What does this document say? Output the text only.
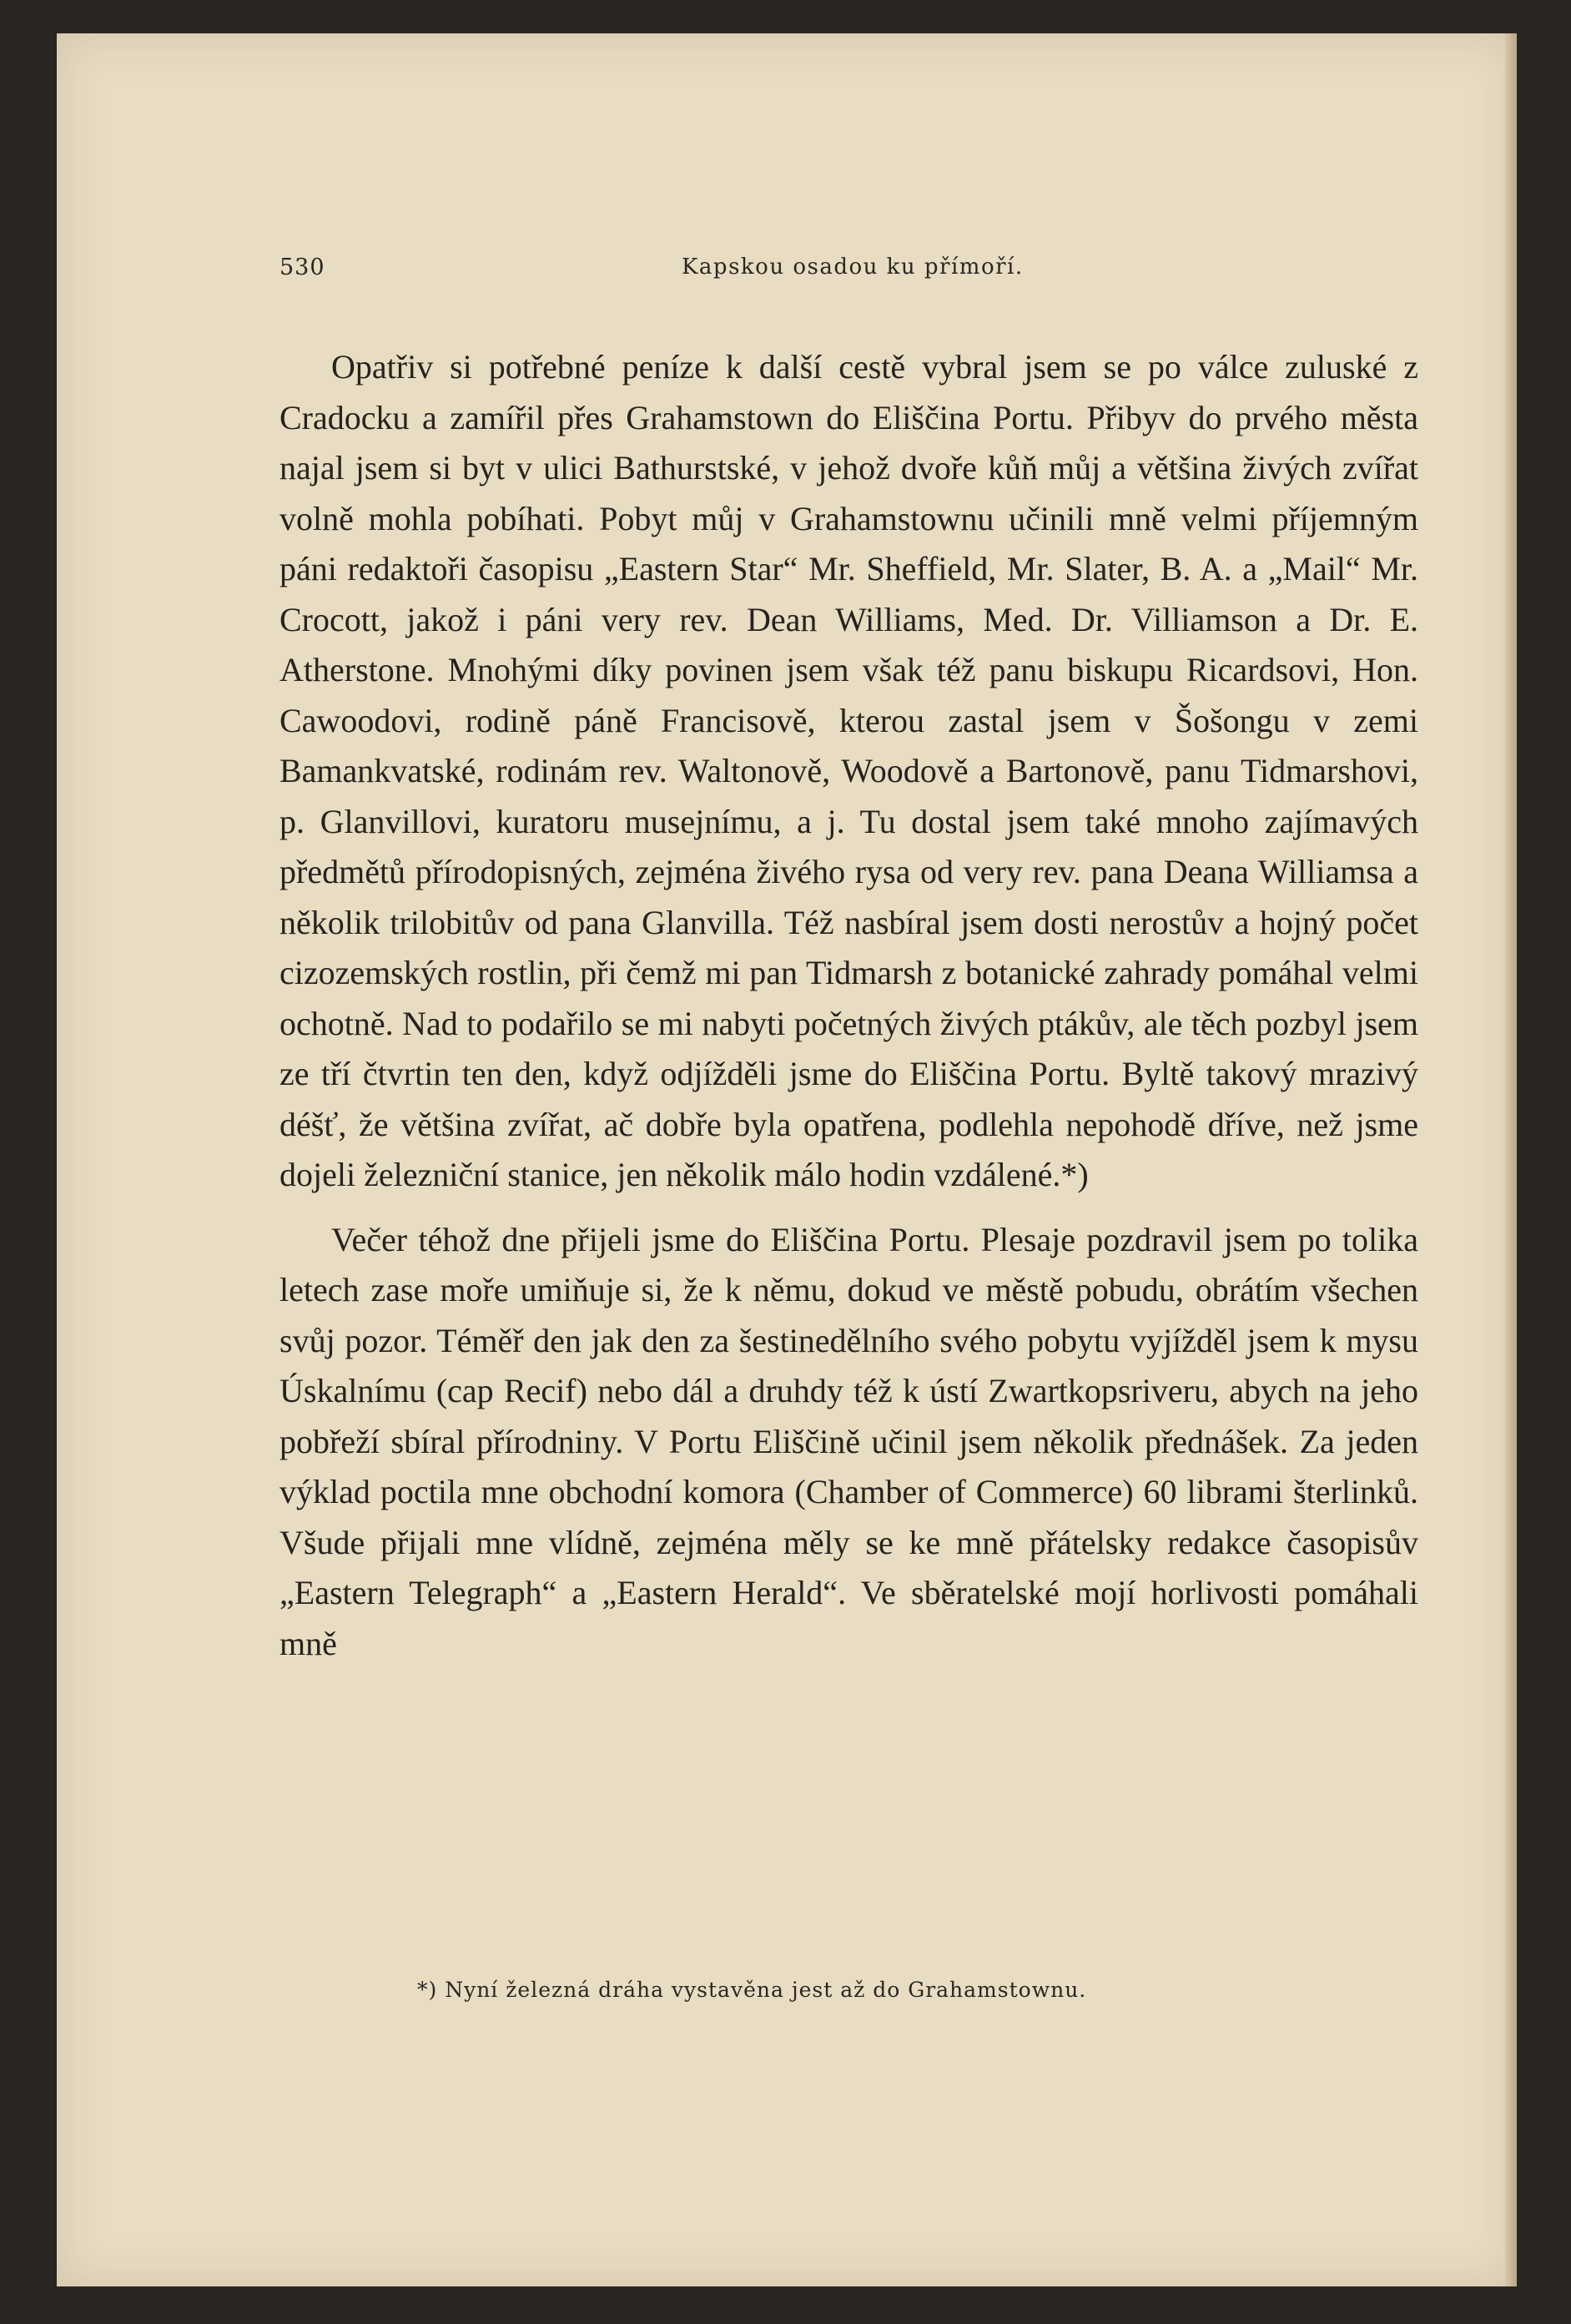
530	Kapskou osadou ku přímoří.

Opatřiv si potřebné peníze k další cestě vybral jsem se po válce zuluské z Cradocku a zamířil přes Grahamstown do Eliščina Portu. Přibyv do prvého města najal jsem si byt v ulici Bathurstské, v jehož dvoře kůň můj a většina živých zvířat volně mohla pobíhati. Pobyt můj v Grahamstownu učinili mně velmi příjemným páni redaktoři časopisu „Eastern Star“ Mr. Sheffield, Mr. Slater, B. A. a „Mail“ Mr. Crocott, jakož i páni very rev. Dean Williams, Med. Dr. Villiamson a Dr. E. Atherstone. Mnohými díky povinen jsem však též panu biskupu Ricardsovi, Hon. Cawoodovi, rodině páně Francisově, kterou zastal jsem v Šošongu v zemi Bamankvatské, rodinám rev. Waltonově, Woodově a Bartonově, panu Tidmarshovi, p. Glanvillovi, kuratoru musejnímu, a j. Tu dostal jsem také mnoho zajímavých předmětů přírodopisných, zejména živého rysa od very rev. pana Deana Williamsa a několik trilobitův od pana Glanvilla. Též nasbíral jsem dosti nerostův a hojný počet cizozemských rostlin, při čemž mi pan Tidmarsh z botanické zahrady pomáhal velmi ochotně. Nad to podařilo se mi nabyti početných živých ptákův, ale těch pozbyl jsem ze tří čtvrtin ten den, když odjížděli jsme do Eliščina Portu. Byltě takový mrazivý déšť, že většina zvířat, ač dobře byla opatřena, podlehla nepohodě dříve, než jsme dojeli železniční stanice, jen několik málo hodin vzdálené.*)

Večer téhož dne přijeli jsme do Eliščina Portu. Plesaje pozdravil jsem po tolika letech zase moře umiňuje si, že k němu, dokud ve městě pobudu, obrátím všechen svůj pozor. Téměř den jak den za šestinedělního svého pobytu vyjížděl jsem k mysu Úskalnímu (cap Recif) nebo dál a druhdy též k ústí Zwartkopsriveru, abych na jeho pobřeží sbíral přírodniny. V Portu Eliščině učinil jsem několik přednášek. Za jeden výklad poctila mne obchodní komora (Chamber of Commerce) 60 librami šterlinků. Všude přijali mne vlídně, zejména měly se ke mně přátelsky redakce časopisův „Eastern Telegraph“ a „Eastern Herald“. Ve sběratelské mojí horlivosti pomáhali mně

*) Nyní železná dráha vystavěna jest až do Grahamstownu.
